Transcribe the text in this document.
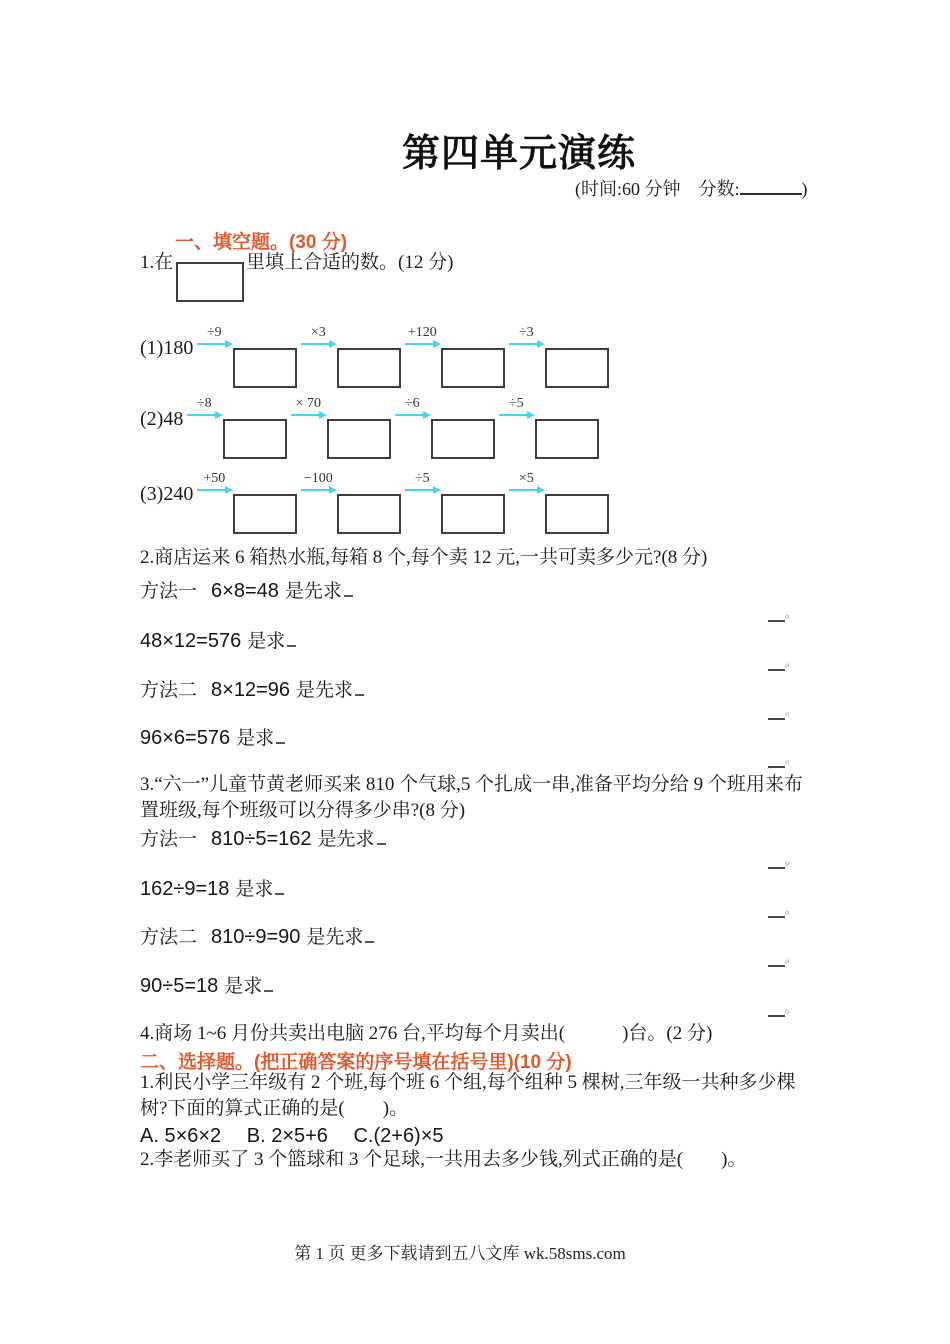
第四单元演练
(时间:60 分钟　分数:	)
一、填空题。(30 分)
1.在	里填上合适的数。(12 分)
(1)180
÷9	×3	+120	÷3
(2)48
÷8	× 70	÷6	÷5
(3)240
+50	−100	÷5	×5
2.商店运来 6 箱热水瓶,每箱 8 个,每个卖 12 元,一共可卖多少元?(8 分)
方法一 6×8=48 是先求
。
48×12=576 是求
。
方法二 8×12=96 是先求
。
96×6=576 是求
。
3.“六一”儿童节黄老师买来 810 个气球,5 个扎成一串,准备平均分给 9 个班用来布置班级,每个班级可以分得多少串?(8 分)
方法一 810÷5=162 是先求
。
162÷9=18 是求
。
方法二 810÷9=90 是先求
。
90÷5=18 是求
。
4.商场 1~6 月份共卖出电脑 276 台,平均每个月卖出(　　　)台。(2 分)
二、选择题。(把正确答案的序号填在括号里)(10 分)
1.利民小学三年级有 2 个班,每个班 6 个组,每个组种 5 棵树,三年级一共种多少棵树?下面的算式正确的是(　　)。
A. 5×6×2　 B. 2×5+6　 C.(2+6)×5
2.李老师买了 3 个篮球和 3 个足球,一共用去多少钱,列式正确的是(　　)。
第 1 页 更多下载请到五八文库 wk.58sms.com
